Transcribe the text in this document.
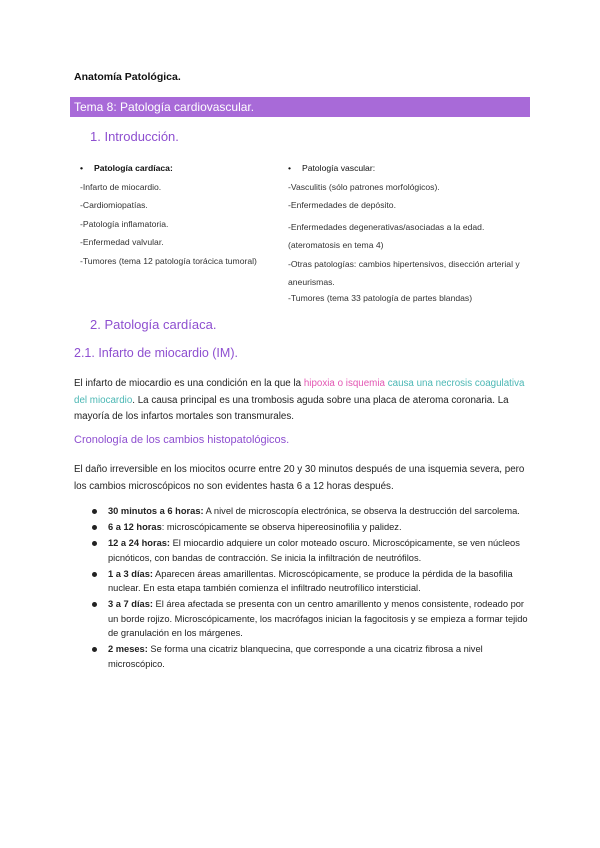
Anatomía Patológica.
Tema 8: Patología cardiovascular.
1. Introducción.
• Patología cardíaca:
-Infarto de miocardio.
-Cardiomiopatías.
-Patología inflamatoria.
-Enfermedad valvular.
-Tumores (tema 12 patología torácica tumoral)
• Patología vascular:
-Vasculitis (sólo patrones morfológicos).
-Enfermedades de depósito.
-Enfermedades degenerativas/asociadas a la edad. (ateromatosis en tema 4)
-Otras patologías: cambios hipertensivos, disección arterial y aneurismas.
-Tumores (tema 33 patología de partes blandas)
2. Patología cardíaca.
2.1. Infarto de miocardio (IM).
El infarto de miocardio es una condición en la que la hipoxia o isquemia causa una necrosis coagulativa del miocardio. La causa principal es una trombosis aguda sobre una placa de ateroma coronaria. La mayoría de los infartos mortales son transmurales.
Cronología de los cambios histopatológicos.
El daño irreversible en los miocitos ocurre entre 20 y 30 minutos después de una isquemia severa, pero los cambios microscópicos no son evidentes hasta 6 a 12 horas después.
30 minutos a 6 horas: A nivel de microscopía electrónica, se observa la destrucción del sarcolema.
6 a 12 horas: microscópicamente se observa hipereosinofilia y palidez.
12 a 24 horas: El miocardio adquiere un color moteado oscuro. Microscópicamente, se ven núcleos picnóticos, con bandas de contracción. Se inicia la infiltración de neutrófilos.
1 a 3 días: Aparecen áreas amarillentas. Microscópicamente, se produce la pérdida de la basofilia nuclear. En esta etapa también comienza el infiltrado neutrofílico intersticial.
3 a 7 días: El área afectada se presenta con un centro amarillento y menos consistente, rodeado por un borde rojizo. Microscópicamente, los macrófagos inician la fagocitosis y se empieza a formar tejido de granulación en los márgenes.
2 meses: Se forma una cicatriz blanquecina, que corresponde a una cicatriz fibrosa a nivel microscópico.
